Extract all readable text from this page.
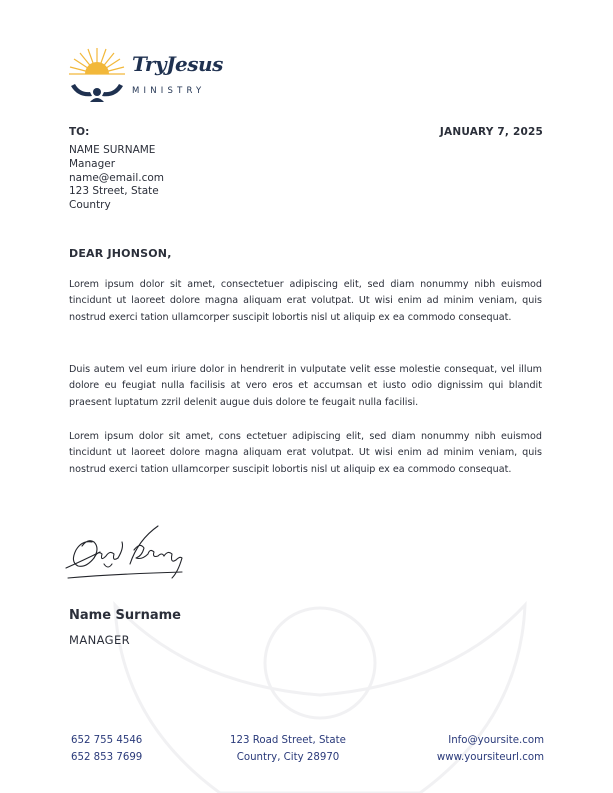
TryJesus
MINISTRY
TO:	JANUARY 7, 2025
NAME SURNAME
Manager
name@email.com
123 Street, State
Country
DEAR JHONSON,

Lorem ipsum dolor sit amet, consectetuer adipiscing elit, sed diam nonummy nibh euismod tincidunt ut laoreet dolore magna aliquam erat volutpat. Ut wisi enim ad minim veniam, quis nostrud exerci tation ullamcorper suscipit lobortis nisl ut aliquip ex ea commodo consequat.

Duis autem vel eum iriure dolor in hendrerit in vulputate velit esse molestie consequat, vel illum dolore eu feugiat nulla facilisis at vero eros et accumsan et iusto odio dignissim qui blandit praesent luptatum zzril delenit augue duis dolore te feugait nulla facilisi.

Lorem ipsum dolor sit amet, cons ectetuer adipiscing elit, sed diam nonummy nibh euismod tincidunt ut laoreet dolore magna aliquam erat volutpat. Ut wisi enim ad minim veniam, quis nostrud exerci tation ullamcorper suscipit lobortis nisl ut aliquip ex ea commodo consequat.

Name Surname
MANAGER
652 755 4546
652 853 7699
123 Road Street, State
Country, City 28970
Info@yoursite.com
www.yoursiteurl.com
